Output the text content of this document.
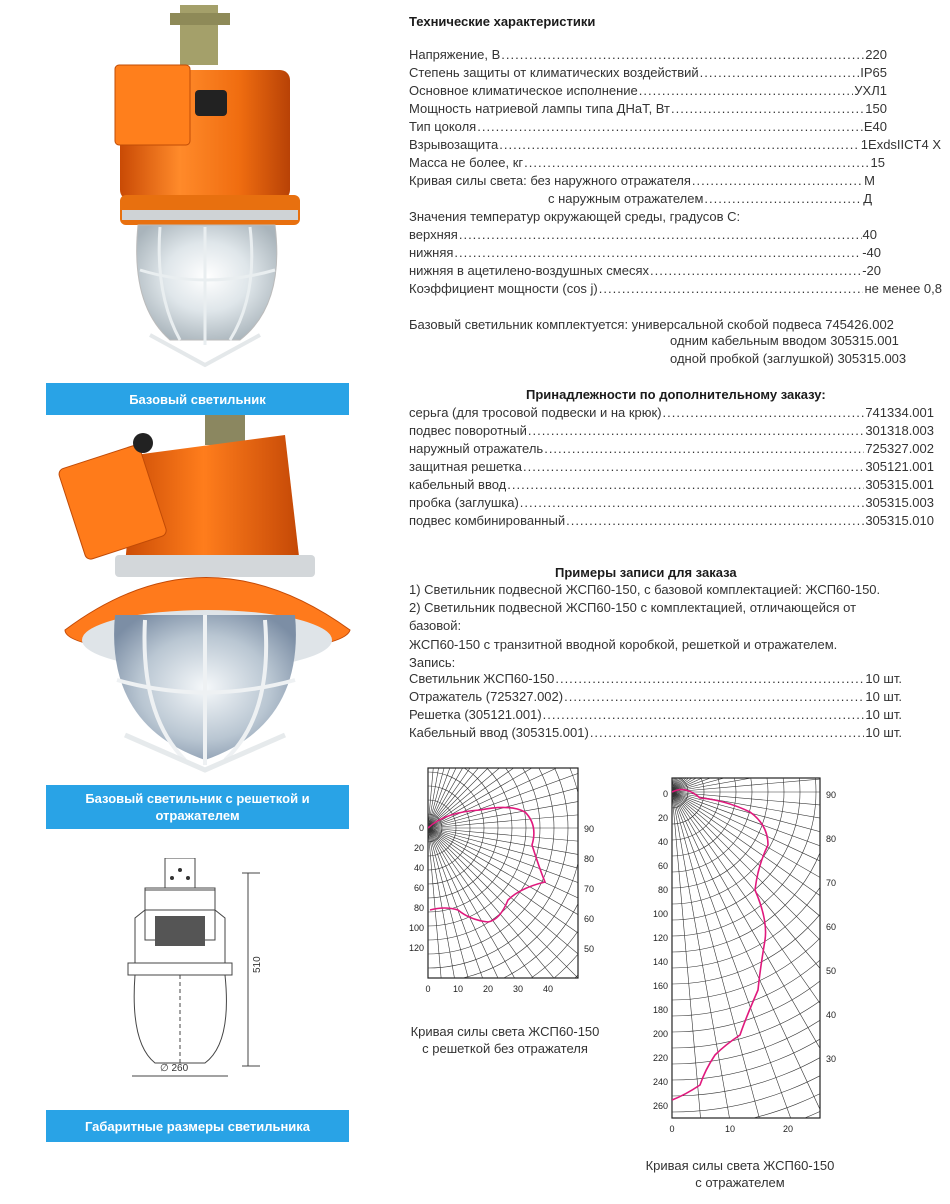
Базовый светильник
Базовый светильник с решеткой и
отражателем
510
∅ 260
Габаритные размеры светильника
Технические характеристики
Напряжение, В .....	220
Степень защиты от климатических воздействий .....	IP65
Основное климатическое исполнение .....	УХЛ1
Мощность натриевой лампы типа ДНаТ, Вт .....	150
Тип цоколя .....	Е40
Взрывозащита .....	1ExdsIICT4 X
Масса не более, кг .....	15
Кривая силы света: без наружного отражателя .....	М
с наружным отражателем .....	Д
Значения температур окружающей среды, градусов С:
верхняя .....	40
нижняя .....	-40
нижняя в ацетилено-воздушных смесях .....	-20
Коэффициент мощности (cos j) .....	не менее 0,8
Базовый светильник комплектуется: универсальной скобой подвеса 745426.002
одним кабельным вводом 305315.001
одной пробкой (заглушкой) 305315.003
Принадлежности по дополнительному заказу:
серьга (для тросовой подвески и на крюк) .....	741334.001
подвес поворотный .....	301318.003
наружный отражатель .....	725327.002
защитная решетка .....	305121.001
кабельный ввод .....	305315.001
пробка (заглушка) .....	305315.003
подвес комбинированный .....	305315.010
Примеры записи для заказа
1) Светильник подвесной ЖСП60-150, с базовой комплектацией: ЖСП60-150.
2) Светильник подвесной ЖСП60-150 с комплектацией, отличающейся от
базовой:
ЖСП60-150 с транзитной вводной коробкой, решеткой и отражателем.
Запись:
Светильник ЖСП60-150 .....	10 шт.
Отражатель (725327.002) .....	10 шт.
Решетка (305121.001) .....	10 шт.
Кабельный ввод (305315.001) .....	10 шт.
0
20
40
60
80
100
120
0 10 20 30 40
90
80
70
60
50
Кривая силы света ЖСП60-150
с решеткой без отражателя
0
20
40
60
80
100
120
140
160
180
200
220
240
260
0	10	20
90
80
70
60
50
40
30
Кривая силы света ЖСП60-150
с отражателем
